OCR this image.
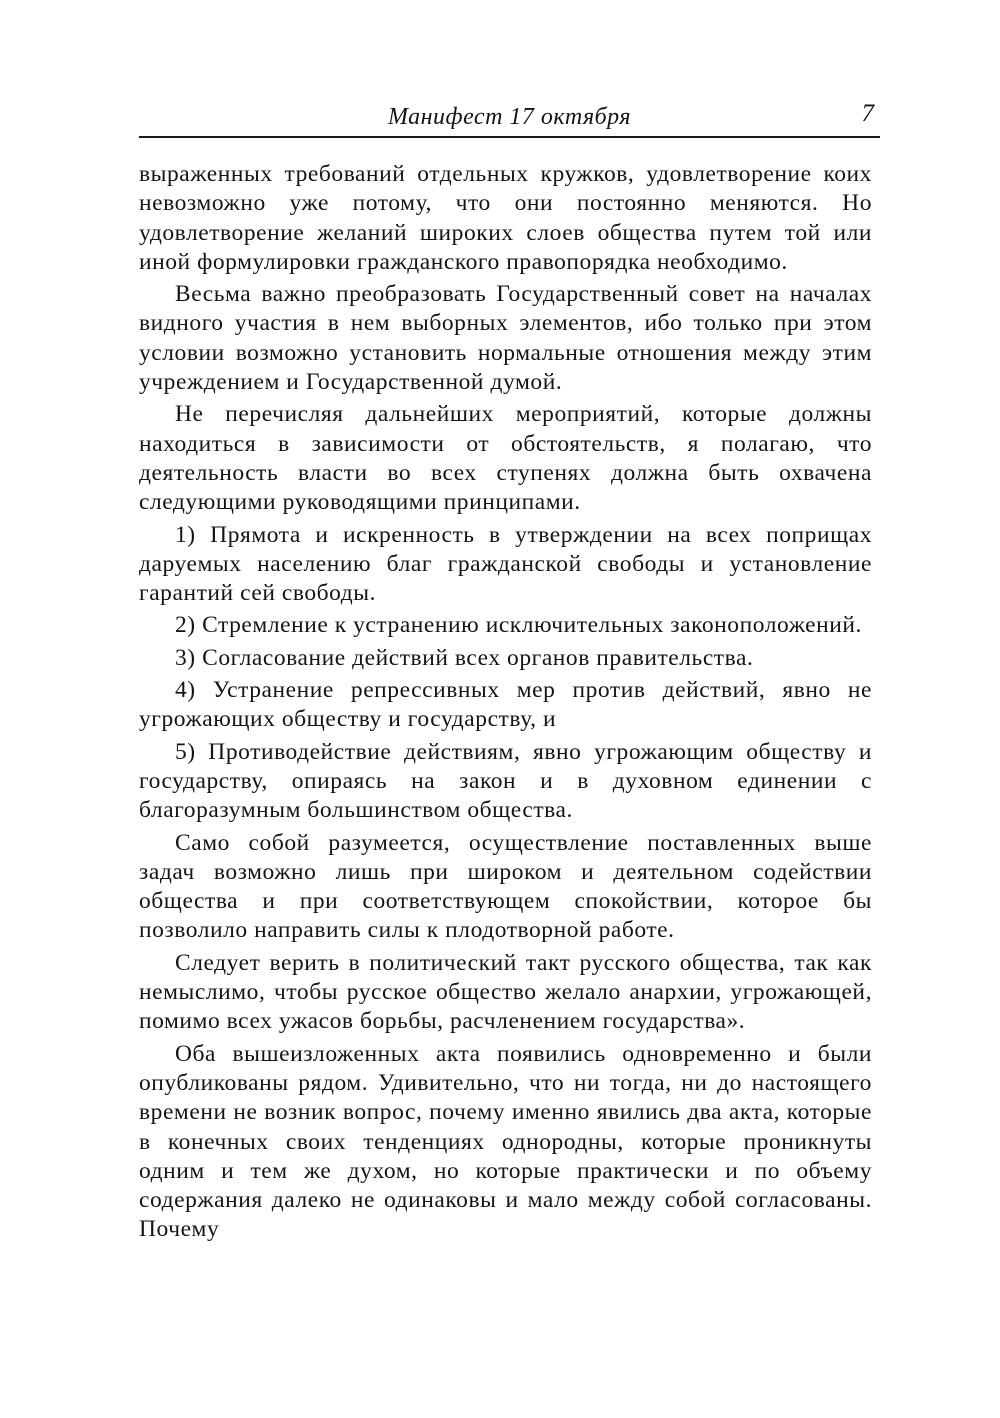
Манифест 17 октября	7

выраженных требований отдельных кружков, удовлетворение коих невозможно уже потому, что они постоянно меняются. Но удовлетворение желаний широких слоев общества путем той или иной формулировки гражданского правопорядка необходимо.

Весьма важно преобразовать Государственный совет на началах видного участия в нем выборных элементов, ибо только при этом условии возможно установить нормальные отношения между этим учреждением и Государственной думой.

Не перечисляя дальнейших мероприятий, которые должны находиться в зависимости от обстоятельств, я полагаю, что деятельность власти во всех ступенях должна быть охвачена следующими руководящими принципами.

1) Прямота и искренность в утверждении на всех поприщах даруемых населению благ гражданской свободы и установление гарантий сей свободы.

2) Стремление к устранению исключительных законоположений.

3) Согласование действий всех органов правительства.

4) Устранение репрессивных мер против действий, явно не угрожающих обществу и государству, и

5) Противодействие действиям, явно угрожающим обществу и государству, опираясь на закон и в духовном единении с благоразумным большинством общества.

Само собой разумеется, осуществление поставленных выше задач возможно лишь при широком и деятельном содействии общества и при соответствующем спокойствии, которое бы позволило направить силы к плодотворной работе.

Следует верить в политический такт русского общества, так как немыслимо, чтобы русское общество желало анархии, угрожающей, помимо всех ужасов борьбы, расчленением государства».

Оба вышеизложенных акта появились одновременно и были опубликованы рядом. Удивительно, что ни тогда, ни до настоящего времени не возник вопрос, почему именно явились два акта, которые в конечных своих тенденциях однородны, которые проникнуты одним и тем же духом, но которые практически и по объему содержания далеко не одинаковы и мало между собой согласованы. Почему
